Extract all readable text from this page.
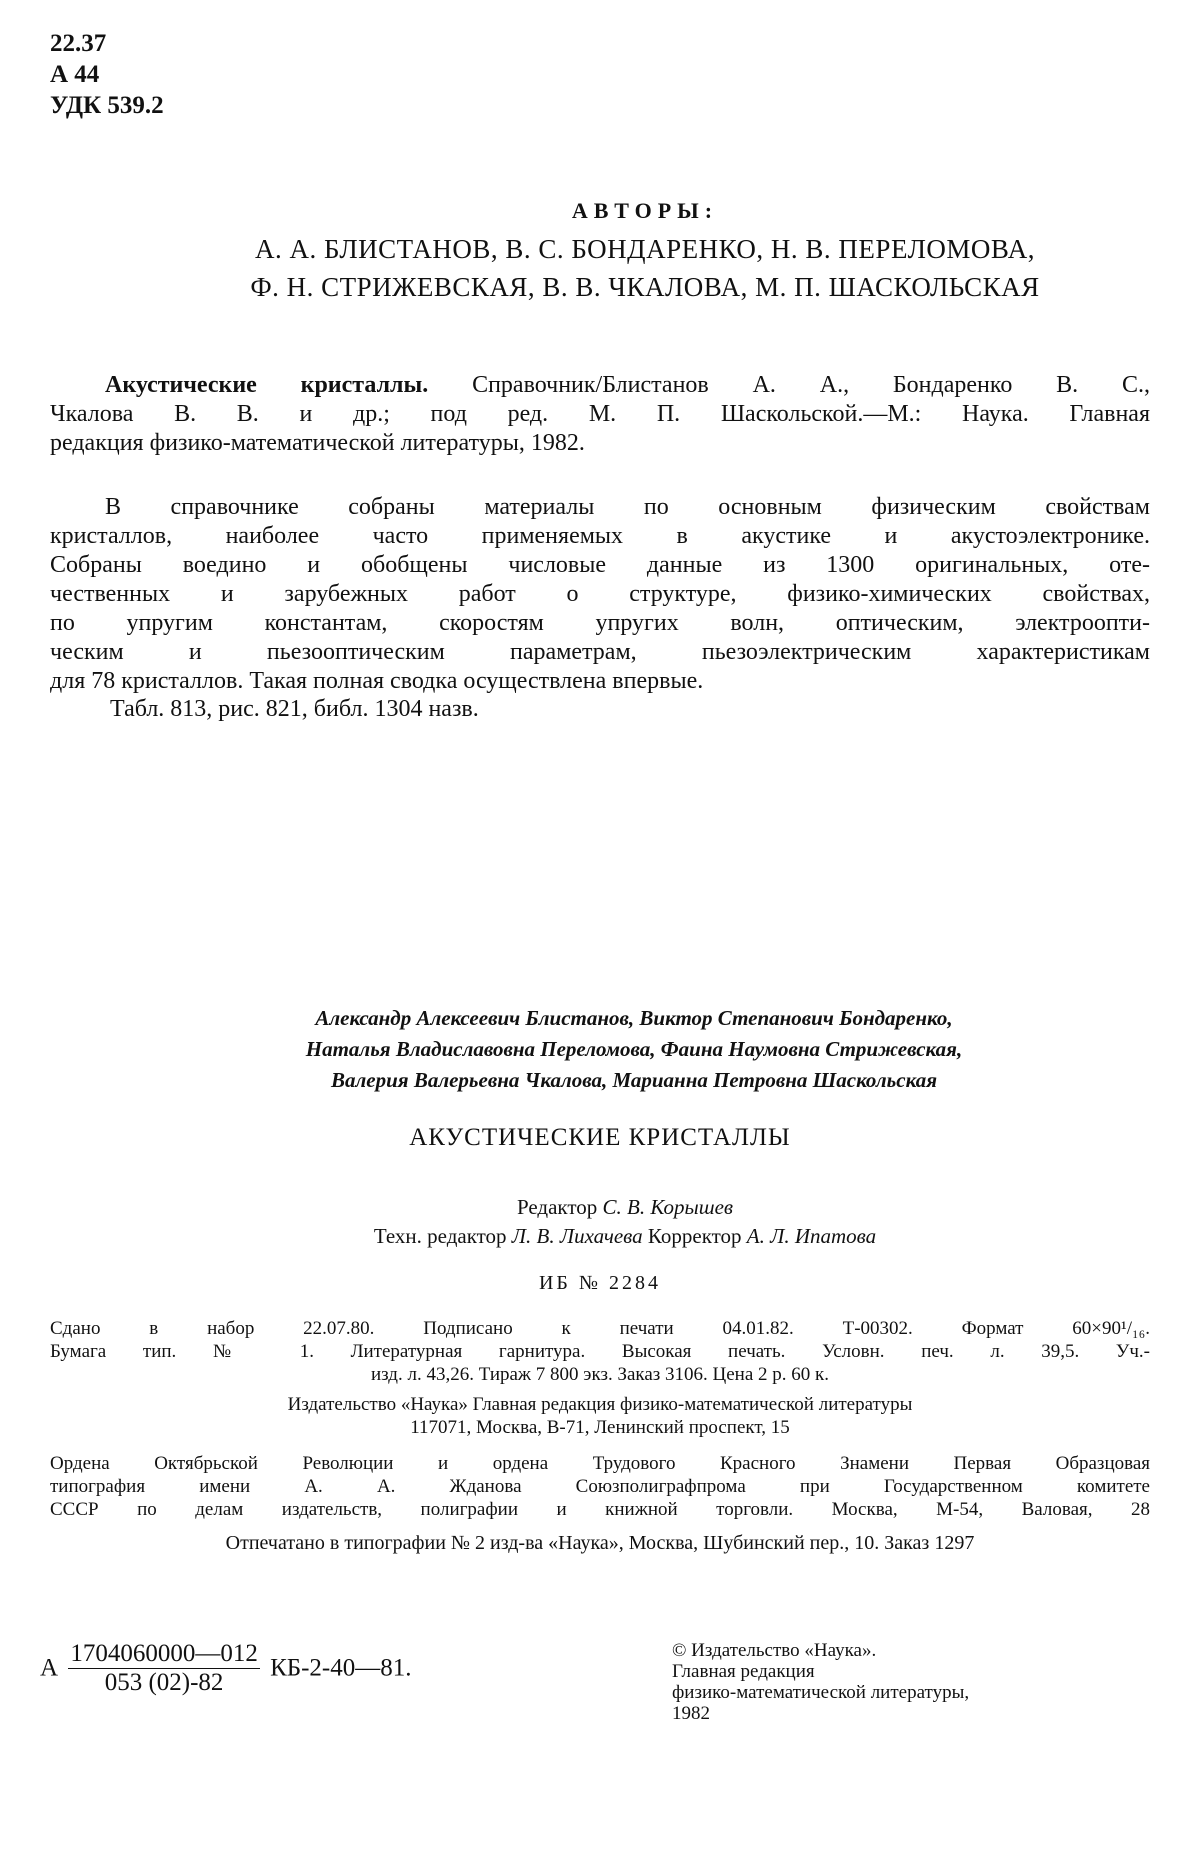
22.37
А 44
УДК 539.2
АВТОРЫ:
А. А. БЛИСТАНОВ, В. С. БОНДАРЕНКО, Н. В. ПЕРЕЛОМОВА,
Ф. Н. СТРИЖЕВСКАЯ, В. В. ЧКАЛОВА, М. П. ШАСКОЛЬСКАЯ
Акустические кристаллы. Справочник/Блистанов А. А., Бондаренко В. С.,
Чкалова В. В. и др.; под ред. М. П. Шаскольской.—М.: Наука. Главная
редакция физико-математической литературы, 1982.
В справочнике собраны материалы по основным физическим свойствам
кристаллов, наиболее часто применяемых в акустике и акустоэлектронике.
Собраны воедино и обобщены числовые данные из 1300 оригинальных, оте-
чественных и зарубежных работ о структуре, физико-химических свойствах,
по упругим константам, скоростям упругих волн, оптическим, электроопти-
ческим и пьезооптическим параметрам, пьезоэлектрическим характеристикам
для 78 кристаллов. Такая полная сводка осуществлена впервые.
Табл. 813, рис. 821, библ. 1304 назв.
Александр Алексеевич Блистанов, Виктор Степанович Бондаренко,
Наталья Владиславовна Переломова, Фаина Наумовна Стрижевская,
Валерия Валерьевна Чкалова, Марианна Петровна Шаскольская
АКУСТИЧЕСКИЕ КРИСТАЛЛЫ
Редактор С. В. Корышев
Техн. редактор Л. В. Лихачева Корректор А. Л. Ипатова
ИБ № 2284
Сдано в набор 22.07.80. Подписано к печати 04.01.82. Т-00302. Формат 60×90¹/₁₆.
Бумага тип. № 1. Литературная гарнитура. Высокая печать. Условн. печ. л. 39,5. Уч.-
изд. л. 43,26. Тираж 7 800 экз. Заказ 3106. Цена 2 р. 60 к.
Издательство «Наука» Главная редакция физико-математической литературы
117071, Москва, В-71, Ленинский проспект, 15
Ордена Октябрьской Революции и ордена Трудового Красного Знамени Первая Образцовая
типография имени А. А. Жданова Союзполиграфпрома при Государственном комитете
СССР по делам издательств, полиграфии и книжной торговли. Москва, М-54, Валовая, 28
Отпечатано в типографии № 2 изд-ва «Наука», Москва, Шубинский пер., 10. Заказ 1297
А $\frac{1704060000—012}{053 (02)-82}$ КБ-2-40—81.
© Издательство «Наука».
Главная редакция
физико-математической литературы,
1982
